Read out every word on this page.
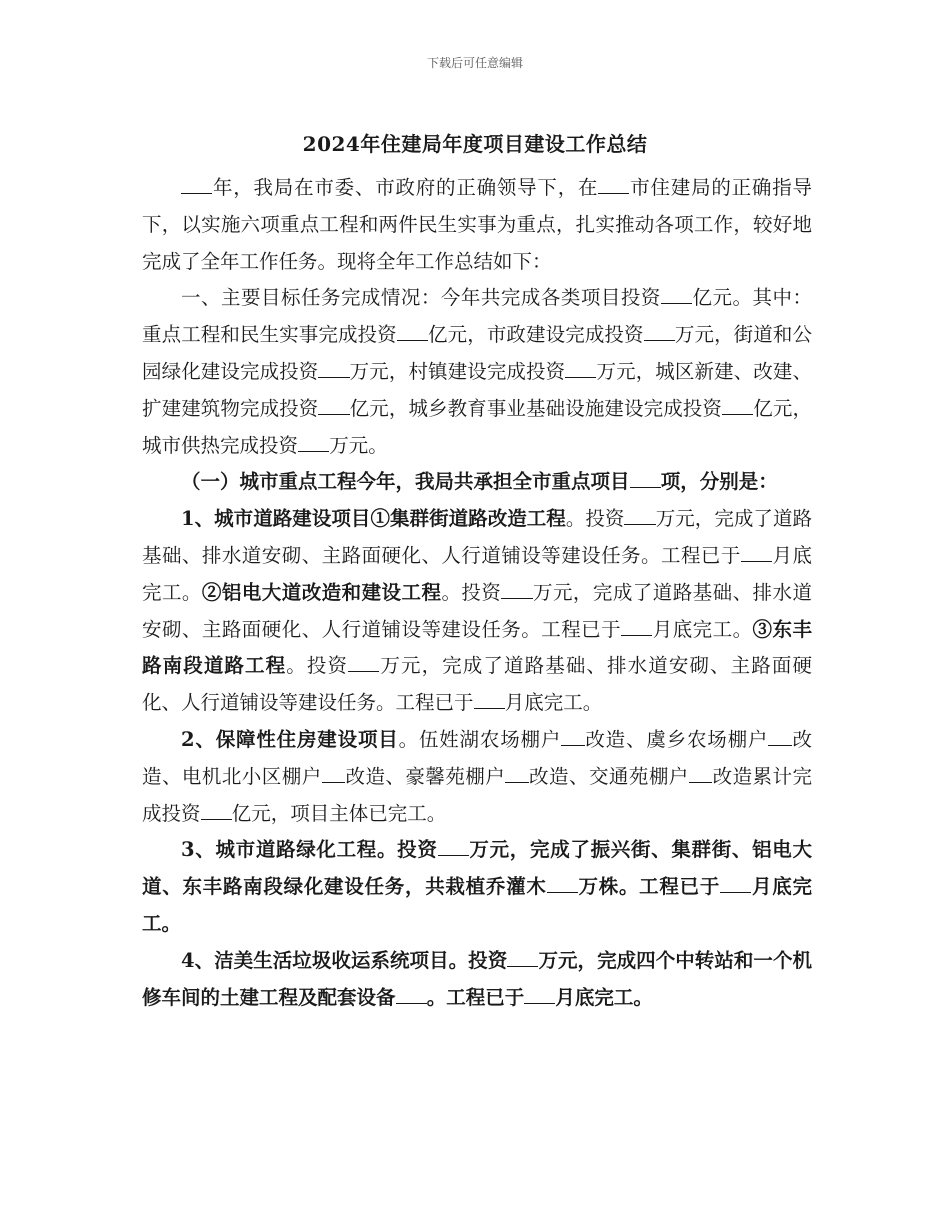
下载后可任意编辑
2024年住建局年度项目建设工作总结

年，我局在市委、市政府的正确领导下，在 市住建局的正确指导下，以实施六项重点工程和两件民生实事为重点，扎实推动各项工作，较好地完成了全年工作任务。现将全年工作总结如下：

一、主要目标任务完成情况：今年共完成各类项目投资 亿元。其中：重点工程和民生实事完成投资 亿元，市政建设完成投资 万元，街道和公园绿化建设完成投资 万元，村镇建设完成投资 万元，城区新建、改建、扩建建筑物完成投资 亿元，城乡教育事业基础设施建设完成投资 亿元，城市供热完成投资 万元。

（一）城市重点工程今年，我局共承担全市重点项目 项，分别是：

1、城市道路建设项目①集群街道路改造工程。投资 万元，完成了道路基础、排水道安砌、主路面硬化、人行道铺设等建设任务。工程已于 月底完工。②铝电大道改造和建设工程。投资 万元，完成了道路基础、排水道安砌、主路面硬化、人行道铺设等建设任务。工程已于 月底完工。③东丰路南段道路工程。投资 万元，完成了道路基础、排水道安砌、主路面硬化、人行道铺设等建设任务。工程已于 月底完工。

2、保障性住房建设项目。伍姓湖农场棚户 改造、虞乡农场棚户 改造、电机北小区棚户 改造、豪馨苑棚户 改造、交通苑棚户 改造累计完成投资 亿元，项目主体已完工。

3、城市道路绿化工程。投资 万元，完成了振兴街、集群街、铝电大道、东丰路南段绿化建设任务，共栽植乔灌木 万株。工程已于 月底完工。

4、洁美生活垃圾收运系统项目。投资 万元，完成四个中转站和一个机修车间的土建工程及配套设备 。工程已于 月底完工。
